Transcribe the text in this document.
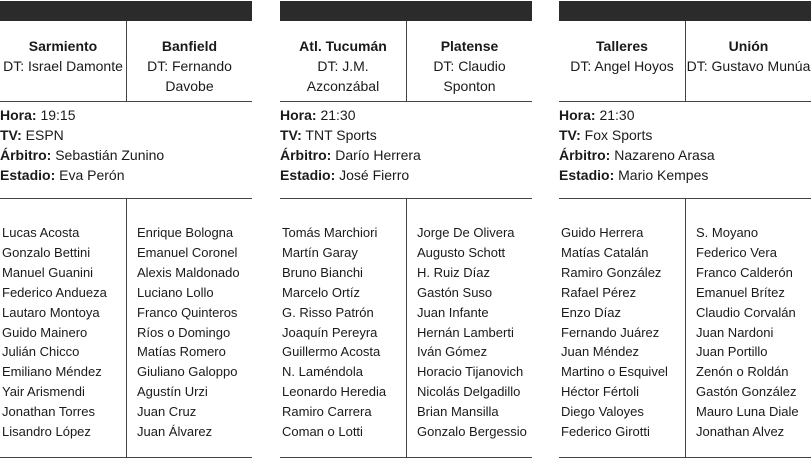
Sarmiento
DT: Israel Damonte
Banfield
DT: Fernando Davobe
Hora: 19:15
TV: ESPN
Árbitro: Sebastián Zunino
Estadio: Eva Perón
Lucas Acosta
Gonzalo Bettini
Manuel Guanini
Federico Andueza
Lautaro Montoya
Guido Mainero
Julián Chicco
Emiliano Méndez
Yair Arismendi
Jonathan Torres
Lisandro López
Enrique Bologna
Emanuel Coronel
Alexis Maldonado
Luciano Lollo
Franco Quinteros
Ríos o Domingo
Matías Romero
Giuliano Galoppo
Agustín Urzi
Juan Cruz
Juan Álvarez
Atl. Tucumán
DT: J.M. Azconzábal
Platense
DT: Claudio Sponton
Hora: 21:30
TV: TNT Sports
Árbitro: Darío Herrera
Estadio: José Fierro
Tomás Marchiori
Martín Garay
Bruno Bianchi
Marcelo Ortíz
G. Risso Patrón
Joaquín Pereyra
Guillermo Acosta
N. Laméndola
Leonardo Heredia
Ramiro Carrera
Coman o Lotti
Jorge De Olivera
Augusto Schott
H. Ruiz Díaz
Gastón Suso
Juan Infante
Hernán Lamberti
Iván Gómez
Horacio Tijanovich
Nicolás Delgadillo
Brian Mansilla
Gonzalo Bergessio
Talleres
DT: Angel Hoyos
Unión
DT: Gustavo Munúa
Hora: 21:30
TV: Fox Sports
Árbitro: Nazareno Arasa
Estadio: Mario Kempes
Guido Herrera
Matías Catalán
Ramiro González
Rafael Pérez
Enzo Díaz
Fernando Juárez
Juan Méndez
Martino o Esquivel
Héctor Fértoli
Diego Valoyes
Federico Girotti
S. Moyano
Federico Vera
Franco Calderón
Emanuel Brítez
Claudio Corvalán
Juan Nardoni
Juan Portillo
Zenón o Roldán
Gastón González
Mauro Luna Diale
Jonathan Alvez
